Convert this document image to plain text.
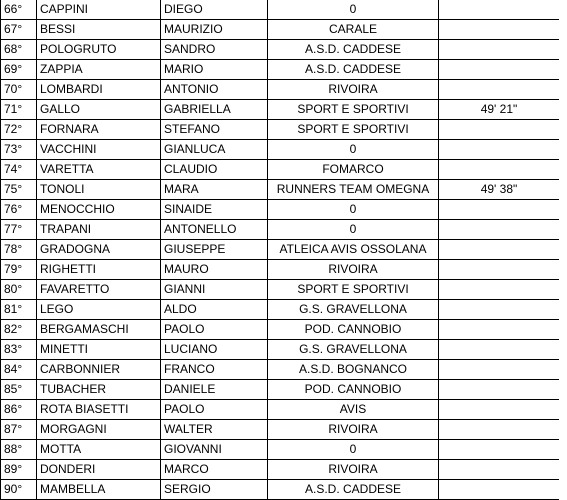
66°	CAPPINI	DIEGO	0	
67°	BESSI	MAURIZIO	CARALE	
68°	POLOGRUTO	SANDRO	A.S.D. CADDESE	
69°	ZAPPIA	MARIO	A.S.D. CADDESE	
70°	LOMBARDI	ANTONIO	RIVOIRA	
71°	GALLO	GABRIELLA	SPORT E SPORTIVI	49' 21"
72°	FORNARA	STEFANO	SPORT E SPORTIVI	
73°	VACCHINI	GIANLUCA	0	
74°	VARETTA	CLAUDIO	FOMARCO	
75°	TONOLI	MARA	RUNNERS TEAM OMEGNA	49' 38"
76°	MENOCCHIO	SINAIDE	0	
77°	TRAPANI	ANTONELLO	0	
78°	GRADOGNA	GIUSEPPE	ATLEICA AVIS OSSOLANA	
79°	RIGHETTI	MAURO	RIVOIRA	
80°	FAVARETTO	GIANNI	SPORT E SPORTIVI	
81°	LEGO	ALDO	G.S. GRAVELLONA	
82°	BERGAMASCHI	PAOLO	POD. CANNOBIO	
83°	MINETTI	LUCIANO	G.S. GRAVELLONA	
84°	CARBONNIER	FRANCO	A.S.D. BOGNANCO	
85°	TUBACHER	DANIELE	POD. CANNOBIO	
86°	ROTA BIASETTI	PAOLO	AVIS	
87°	MORGAGNI	WALTER	RIVOIRA	
88°	MOTTA	GIOVANNI	0	
89°	DONDERI	MARCO	RIVOIRA	
90°	MAMBELLA	SERGIO	A.S.D. CADDESE	
